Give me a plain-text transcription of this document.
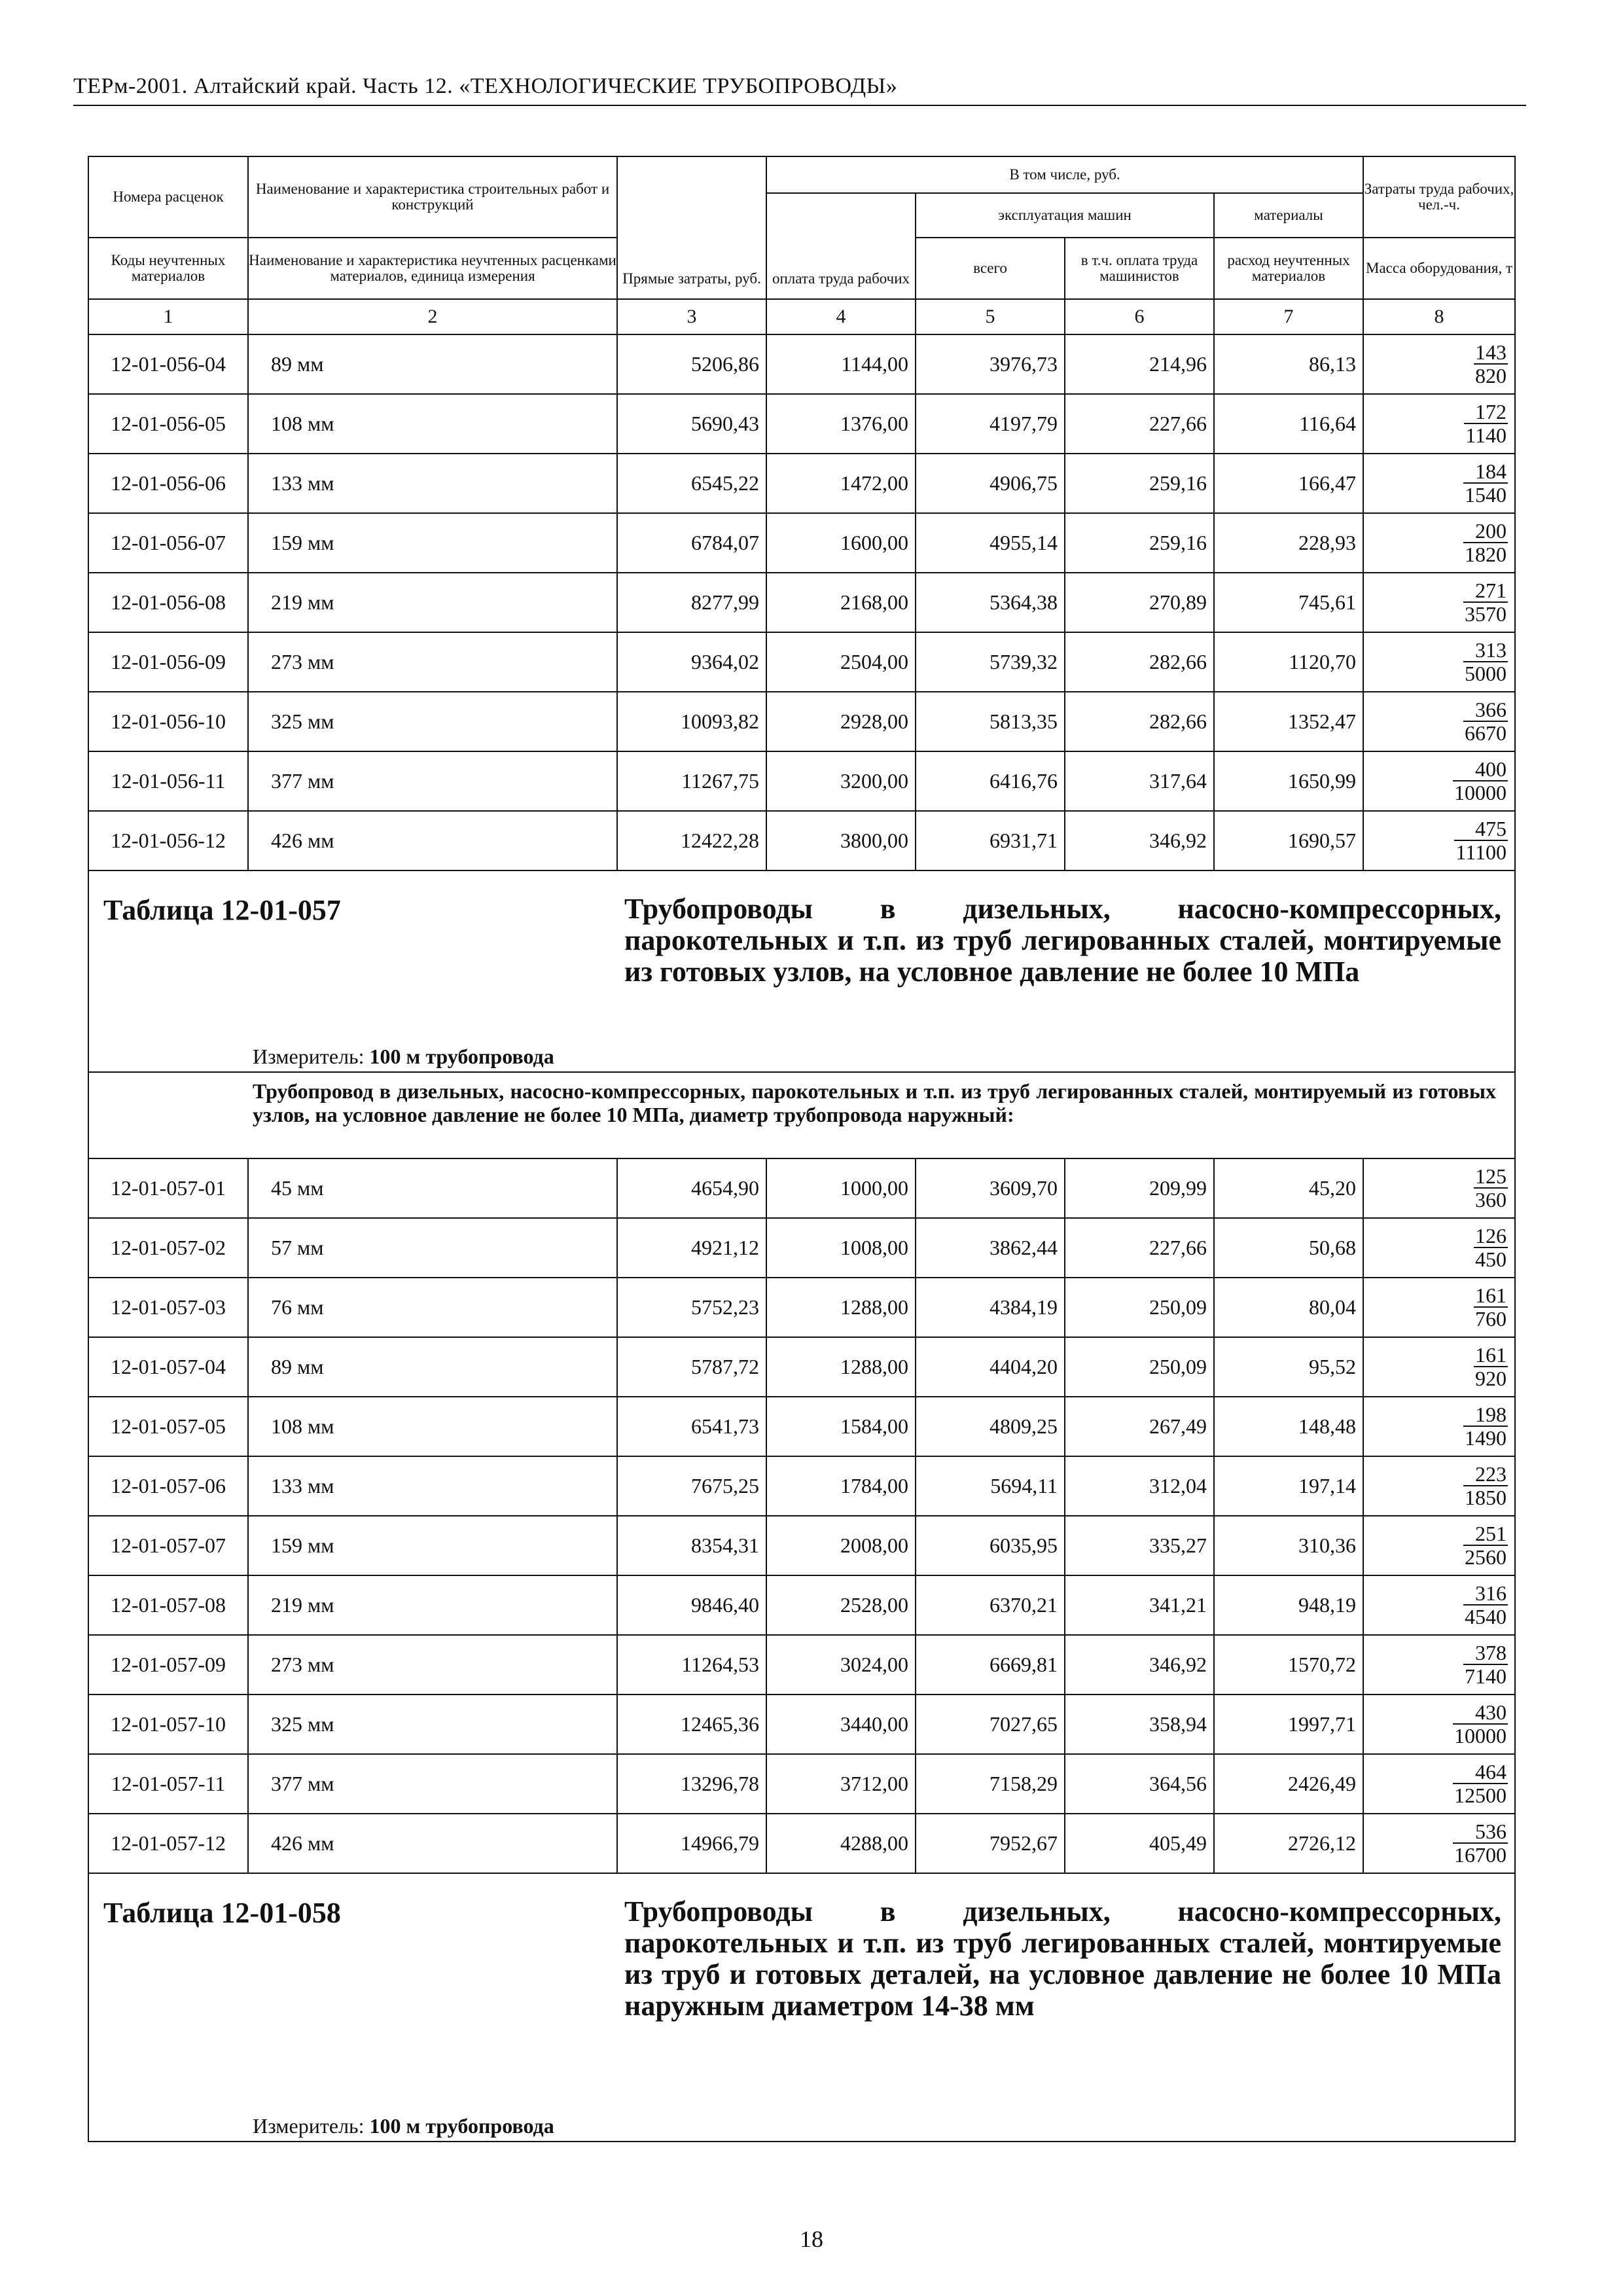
ТЕРм-2001. Алтайский край. Часть 12. «ТЕХНОЛОГИЧЕСКИЕ ТРУБОПРОВОДЫ»
Номера расценок	Наименование и характеристика строительных работ и конструкций	Прямые затраты, руб.	В том числе, руб.				Затраты труда рабочих, чел.-ч.
			оплата труда рабочих	эксплуатация машин		материалы	
Коды неучтенных материалов	Наименование и характеристика неучтенных расценками материалов, единица измерения			всего	в т.ч. оплата труда машинистов	расход неучтенных материалов	Масса оборудования, т
1	2	3	4	5	6	7	8
12-01-056-04	89 мм	5206,86	1144,00	3976,73	214,96	86,13	$\frac{143}{820}$

12-01-056-05	108 мм	5690,43	1376,00	4197,79	227,66	116,64	$\frac{172}{1140}$

12-01-056-06	133 мм	6545,22	1472,00	4906,75	259,16	166,47	$\frac{184}{1540}$

12-01-056-07	159 мм	6784,07	1600,00	4955,14	259,16	228,93	$\frac{200}{1820}$

12-01-056-08	219 мм	8277,99	2168,00	5364,38	270,89	745,61	$\frac{271}{3570}$

12-01-056-09	273 мм	9364,02	2504,00	5739,32	282,66	1120,70	$\frac{313}{5000}$

12-01-056-10	325 мм	10093,82	2928,00	5813,35	282,66	1352,47	$\frac{366}{6670}$

12-01-056-11	377 мм	11267,75	3200,00	6416,76	317,64	1650,99	$\frac{400}{10000}$

12-01-056-12	426 мм	12422,28	3800,00	6931,71	346,92	1690,57	$\frac{475}{11100}$

Таблица 12-01-057 Трубопроводы в дизельных, насосно-компрессорных, парокотельных и т.п. из труб легированных сталей, монтируемые из готовых узлов, на условное давление не более 10 МПа
Измеритель: 100 м трубопровода							

Трубопровод в дизельных, насосно-компрессорных, парокотельных и т.п. из труб легированных сталей, монтируемый из готовых узлов, на условное давление не более 10 МПа, диаметр трубопровода наружный:							

12-01-057-01	45 мм	4654,90	1000,00	3609,70	209,99	45,20	$\frac{125}{360}$

12-01-057-02	57 мм	4921,12	1008,00	3862,44	227,66	50,68	$\frac{126}{450}$

12-01-057-03	76 мм	5752,23	1288,00	4384,19	250,09	80,04	$\frac{161}{760}$

12-01-057-04	89 мм	5787,72	1288,00	4404,20	250,09	95,52	$\frac{161}{920}$

12-01-057-05	108 мм	6541,73	1584,00	4809,25	267,49	148,48	$\frac{198}{1490}$

12-01-057-06	133 мм	7675,25	1784,00	5694,11	312,04	197,14	$\frac{223}{1850}$

12-01-057-07	159 мм	8354,31	2008,00	6035,95	335,27	310,36	$\frac{251}{2560}$

12-01-057-08	219 мм	9846,40	2528,00	6370,21	341,21	948,19	$\frac{316}{4540}$

12-01-057-09	273 мм	11264,53	3024,00	6669,81	346,92	1570,72	$\frac{378}{7140}$

12-01-057-10	325 мм	12465,36	3440,00	7027,65	358,94	1997,71	$\frac{430}{10000}$

12-01-057-11	377 мм	13296,78	3712,00	7158,29	364,56	2426,49	$\frac{464}{12500}$

12-01-057-12	426 мм	14966,79	4288,00	7952,67	405,49	2726,12	$\frac{536}{16700}$

Таблица 12-01-058 Трубопроводы в дизельных, насосно-компрессорных, парокотельных и т.п. из труб легированных сталей, монтируемые из труб и готовых деталей, на условное давление не более 10 МПа наружным диаметром 14-38 мм
Измеритель: 100 м трубопровода							
18
